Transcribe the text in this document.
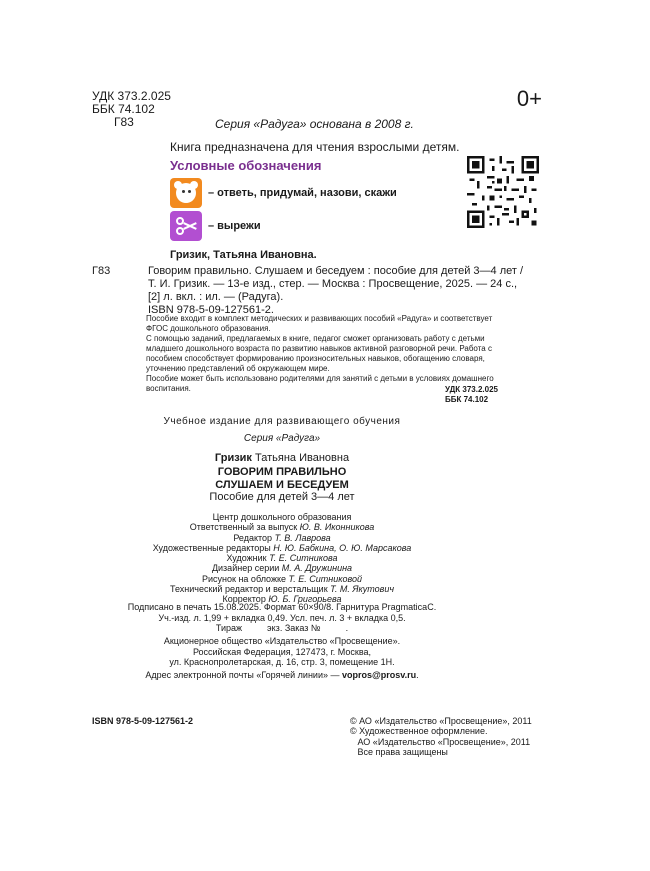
УДК 373.2.025
ББК 74.102
Г83
0+
Серия «Радуга» основана в 2008 г.
Книга предназначена для чтения взрослыми детям.
Условные обозначения
– ответь, придумай, назови, скажи
– вырежи
Гризик, Татьяна Ивановна.
Г83	Говорим правильно. Слушаем и беседуем : пособие для детей 3—4 лет /
Т. И. Гризик. — 13-е изд., стер. — Москва : Просвещение, 2025. — 24 с.,
[2] л. вкл. : ил. — (Радуга).
ISBN 978-5-09-127561-2.

Пособие входит в комплект методических и развивающих пособий «Радуга» и соответствует ФГОС дошкольного образования.

С помощью заданий, предлагаемых в книге, педагог сможет организовать работу с детьми младшего дошкольного возраста по развитию навыков активной разговорной речи. Работа с пособием способствует формированию произносительных навыков, обогащению словаря, уточнению представлений об окружающем мире.

Пособие может быть использовано родителями для занятий с детьми в условиях домашнего воспитания.	УДК 373.2.025
ББК 74.102
Учебное издание для развивающего обучения
Серия «Радуга»
Гризик Татьяна Ивановна
ГОВОРИМ ПРАВИЛЬНО
СЛУШАЕМ И БЕСЕДУЕМ
Пособие для детей 3—4 лет
Центр дошкольного образования
Ответственный за выпуск Ю. В. Иконникова
Редактор Т. В. Лаврова
Художественные редакторы Н. Ю. Бабкина, О. Ю. Марсакова
Художник Т. Е. Ситникова
Дизайнер серии М. А. Дружинина
Рисунок на обложке Т. Е. Ситниковой
Технический редактор и верстальщик Т. М. Якутович
Корректор Ю. Б. Григорьева
Подписано в печать 15.08.2025. Формат 60×90/8. Гарнитура PragmaticaC.
Уч.-изд. л. 1,99 + вкладка 0,49. Усл. печ. л. 3 + вкладка 0,5.
Тираж          экз. Заказ №          .
Акционерное общество «Издательство «Просвещение».
Российская Федерация, 127473, г. Москва,
ул. Краснопролетарская, д. 16, стр. 3, помещение 1Н.
Адрес электронной почты «Горячей линии» — vopros@prosv.ru.
ISBN 978-5-09-127561-2	© АО «Издательство «Просвещение», 2011
© Художественное оформление.
АО «Издательство «Просвещение», 2011
Все права защищены
